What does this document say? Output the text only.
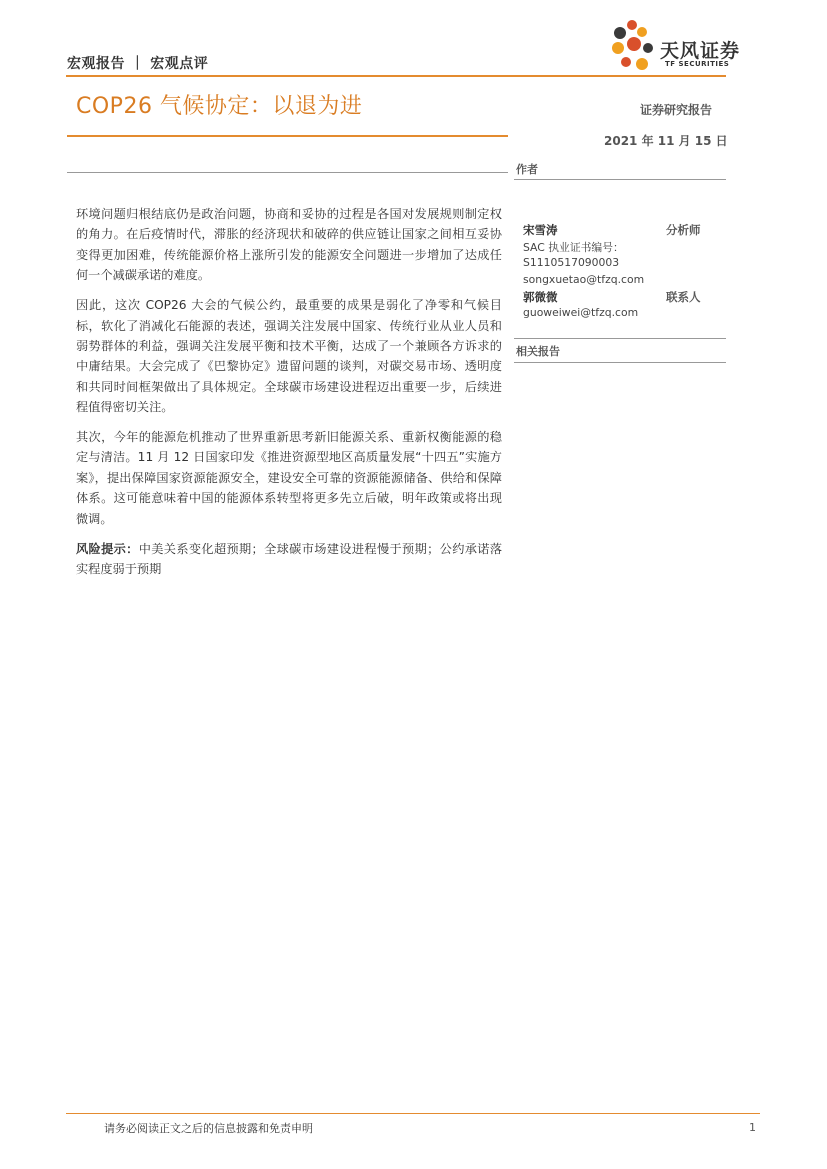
宏观报告 ｜ 宏观点评
天风证券
TF SECURITIES
COP26 气候协定：以退为进	证券研究报告
2021 年 11 月 15 日
作者

环境问题归根结底仍是政治问题，协商和妥协的过程是各国对发展规则制定权的角力。在后疫情时代，滞胀的经济现状和破碎的供应链让国家之间相互妥协变得更加困难，传统能源价格上涨所引发的能源安全问题进一步增加了达成任何一个减碳承诺的难度。

因此，这次 COP26 大会的气候公约，最重要的成果是弱化了净零和气候目标，软化了消减化石能源的表述，强调关注发展中国家、传统行业从业人员和弱势群体的利益，强调关注发展平衡和技术平衡，达成了一个兼顾各方诉求的中庸结果。大会完成了《巴黎协定》遗留问题的谈判，对碳交易市场、透明度和共同时间框架做出了具体规定。全球碳市场建设进程迈出重要一步，后续进程值得密切关注。

其次，今年的能源危机推动了世界重新思考新旧能源关系、重新权衡能源的稳定与清洁。11 月 12 日国家印发《推进资源型地区高质量发展“十四五”实施方案》，提出保障国家资源能源安全，建设安全可靠的资源能源储备、供给和保障体系。这可能意味着中国的能源体系转型将更多先立后破，明年政策或将出现微调。

风险提示：中美关系变化超预期；全球碳市场建设进程慢于预期；公约承诺落实程度弱于预期

宋雪涛	分析师
SAC 执业证书编号：
S1110517090003
songxuetao@tfzq.com
郭微微	联系人
guoweiwei@tfzq.com
相关报告
请务必阅读正文之后的信息披露和免责申明	1
